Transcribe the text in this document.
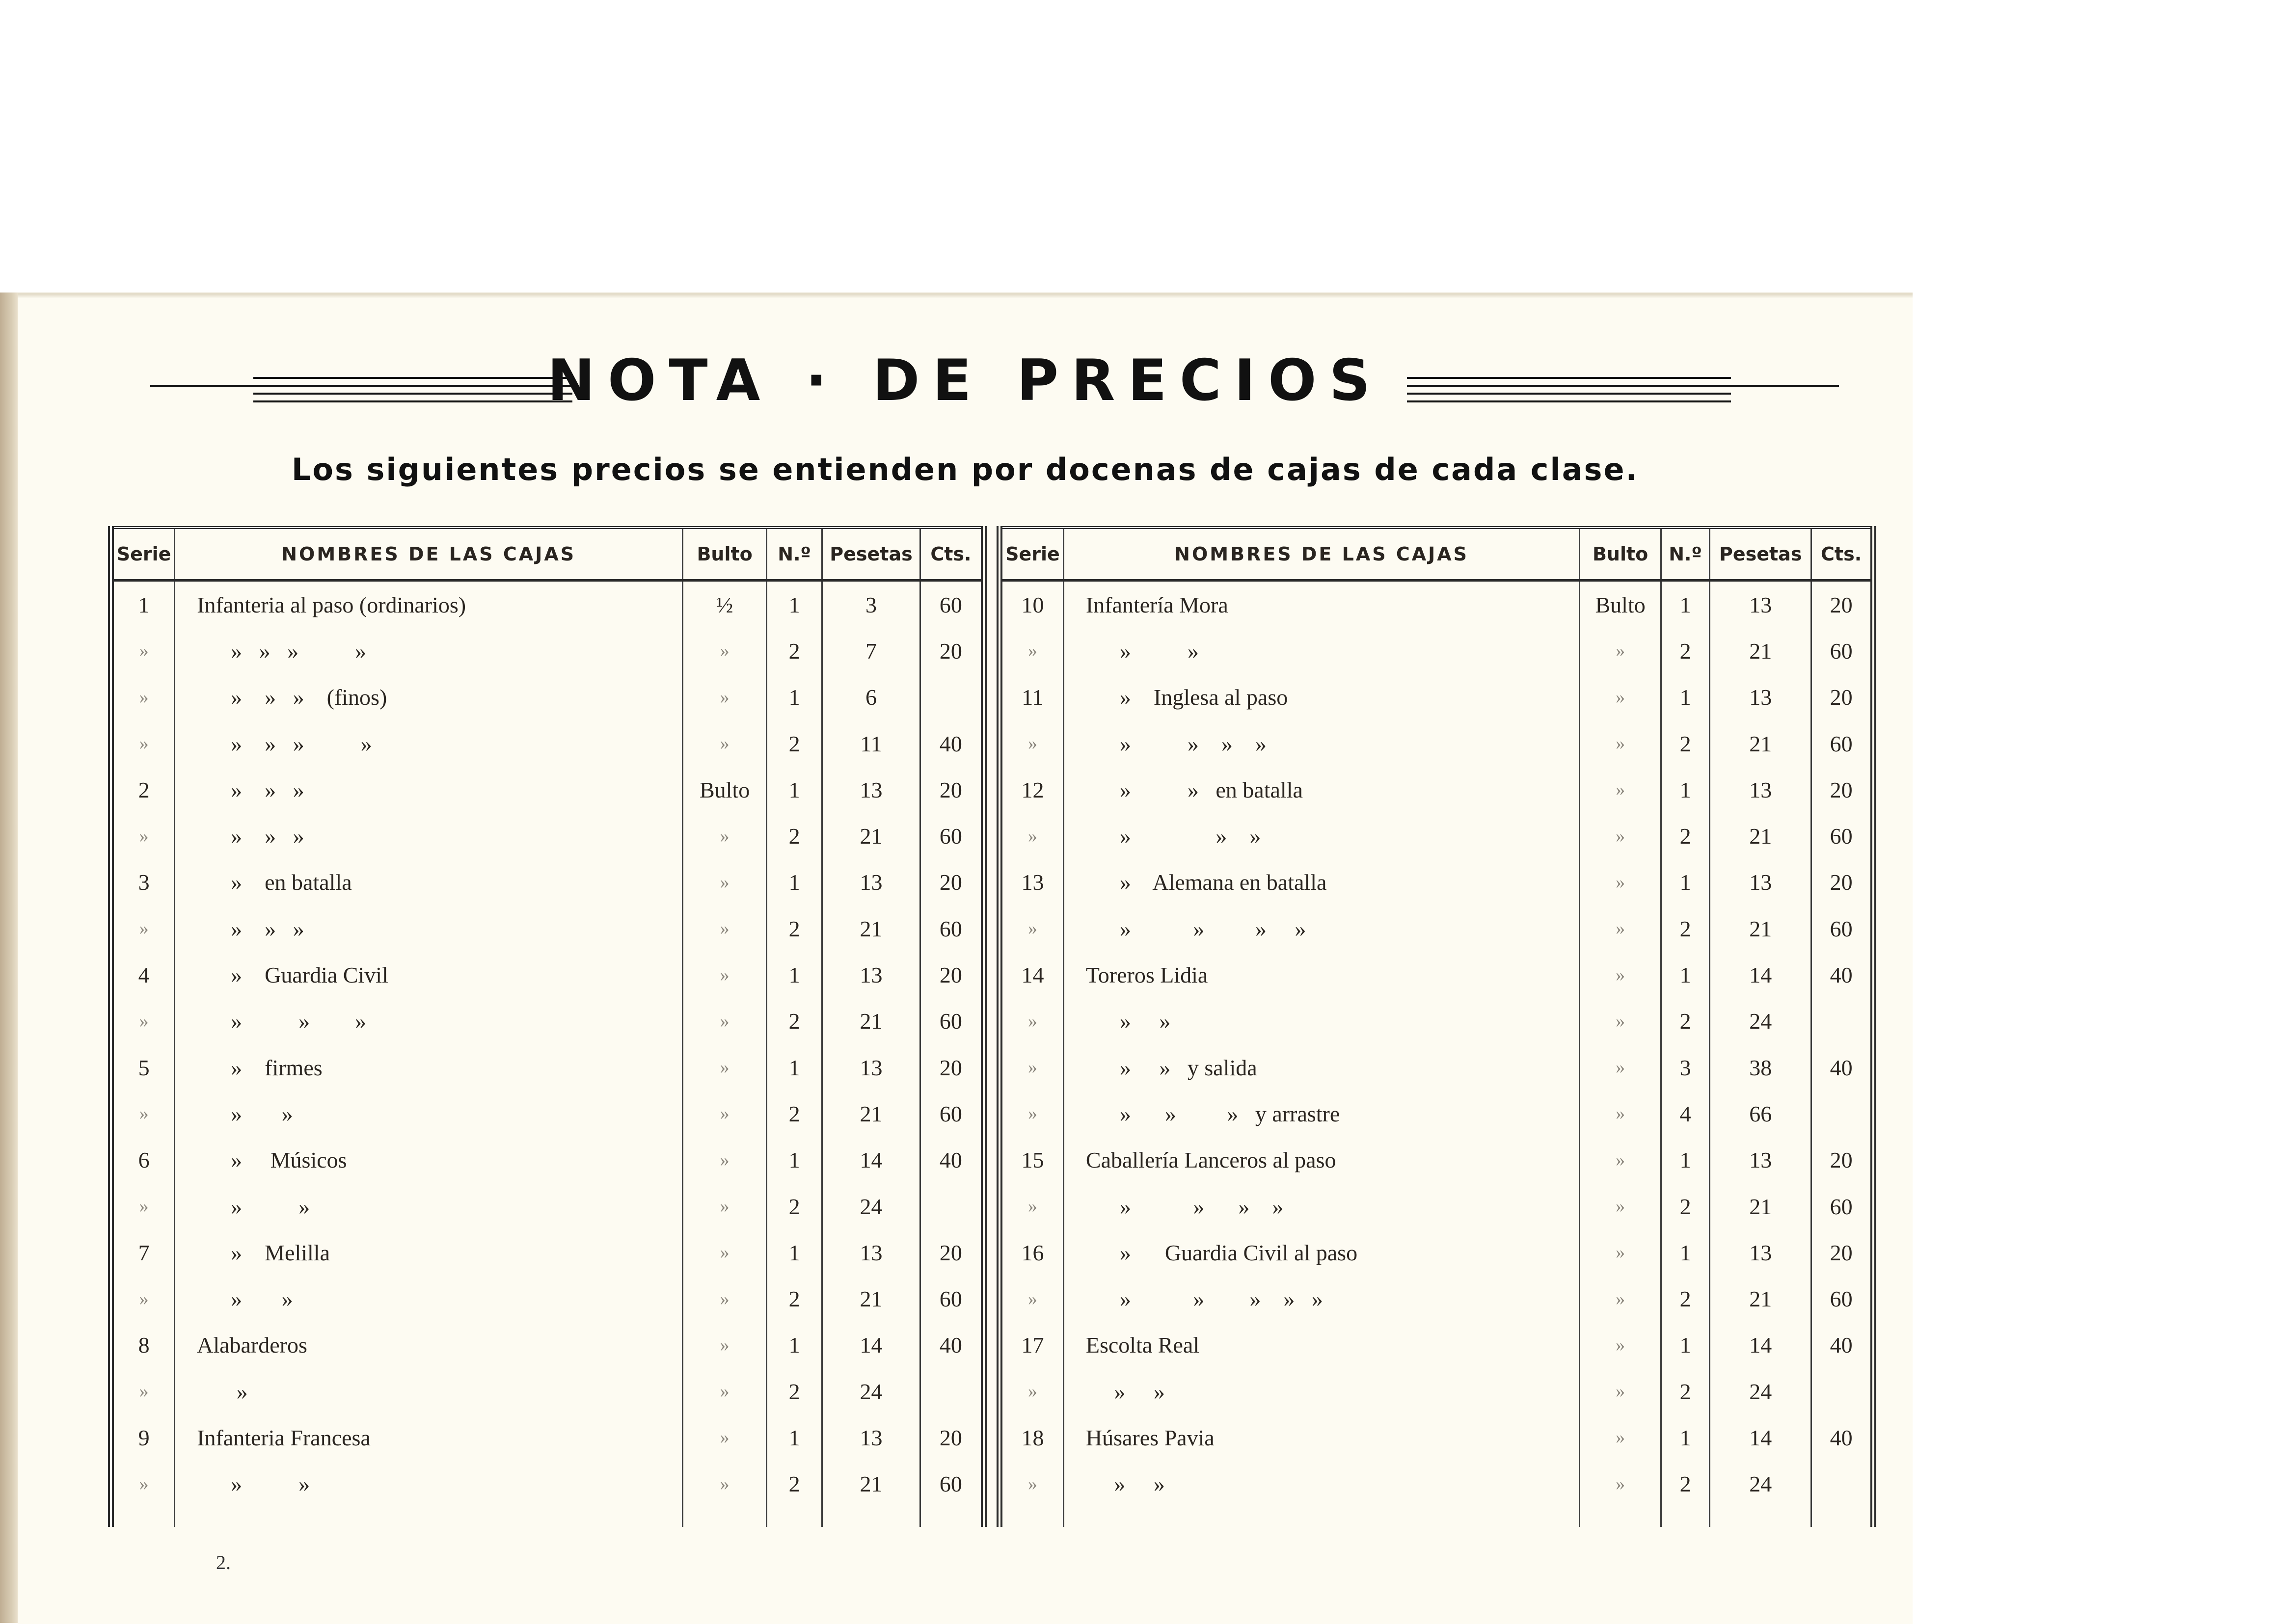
NOTA · DE PRECIOS

Los siguientes precios se entienden por docenas de cajas de cada clase.

Serie	NOMBRES DE LAS CAJAS	Bulto	N.º	Pesetas	Cts.
1	Infanteria al paso (ordinarios)	½	1	3	60
»	»   »   »          »	»	2	7	20
»	»    »   »    (finos)	»	1	6	
»	»    »   »          »	»	2	11	40
2	»    »   »	Bulto	1	13	20
»	»    »   »	»	2	21	60
3	»    en batalla	»	1	13	20
»	»    »   »	»	2	21	60
4	»    Guardia Civil	»	1	13	20
»	»          »        »	»	2	21	60
5	»    firmes	»	1	13	20
»	»       »	»	2	21	60
6	»     Músicos	»	1	14	40
»	»          »	»	2	24	
7	»    Melilla	»	1	13	20
»	»       »	»	2	21	60
8	Alabarderos	»	1	14	40
»	»	»	2	24	
9	Infanteria Francesa	»	1	13	20
»	»          »	»	2	21	60

Serie	NOMBRES DE LAS CAJAS	Bulto	N.º	Pesetas	Cts.
10	Infantería Mora	Bulto	1	13	20
»	»          »	»	2	21	60
11	»    Inglesa al paso	»	1	13	20
»	»          »    »    »	»	2	21	60
12	»          »   en batalla	»	1	13	20
»	»               »    »	»	2	21	60
13	»    Alemana en batalla	»	1	13	20
»	»           »         »     »	»	2	21	60
14	Toreros Lidia	»	1	14	40
»	»     »	»	2	24	
»	»     »   y salida	»	3	38	40
»	»      »         »   y arrastre	»	4	66	
15	Caballería Lanceros al paso	»	1	13	20
»	»           »      »    »	»	2	21	60
16	»      Guardia Civil al paso	»	1	13	20
»	»           »        »    »   »	»	2	21	60
17	Escolta Real	»	1	14	40
»	»     »	»	2	24	
18	Húsares Pavia	»	1	14	40
»	»     »	»	2	24	

2.
